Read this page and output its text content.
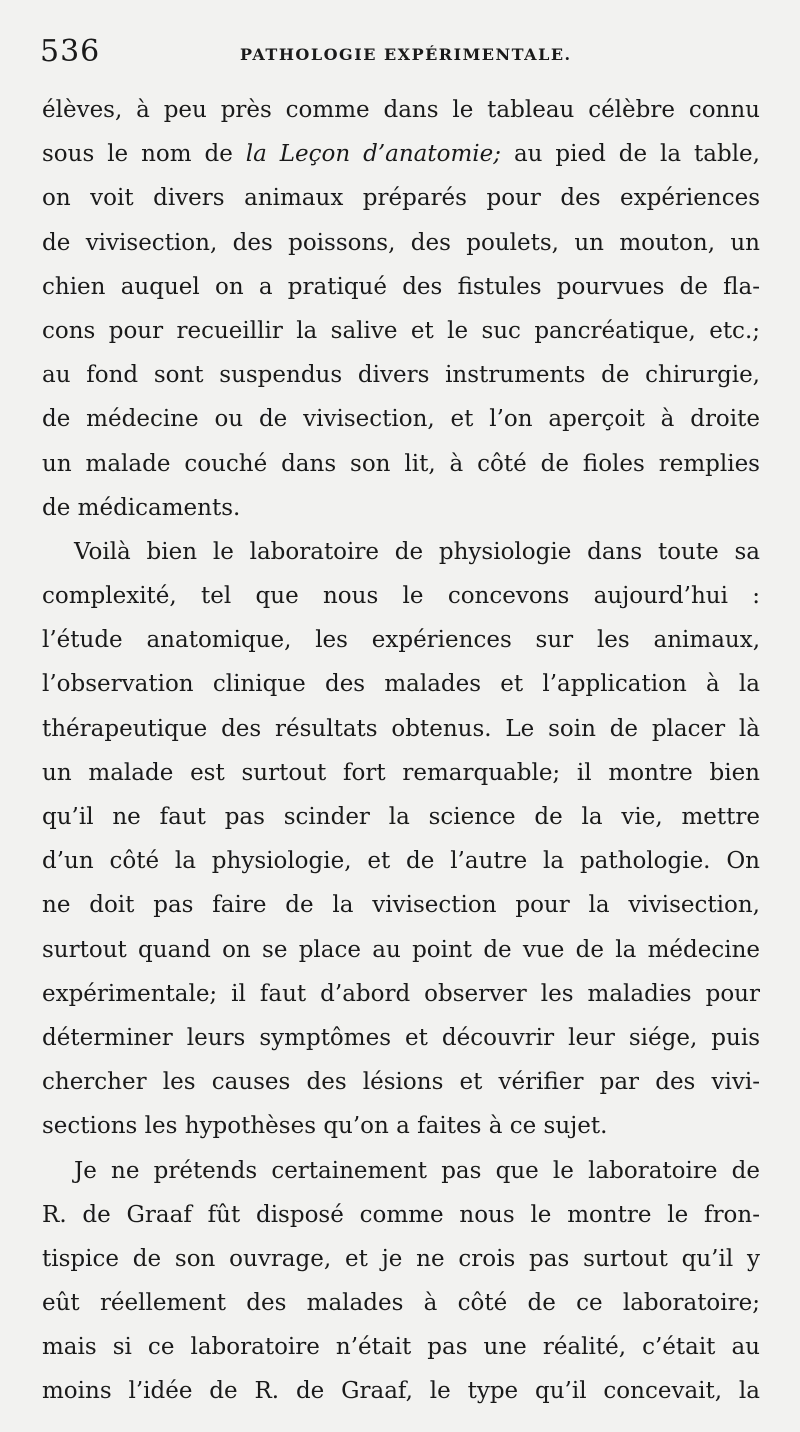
536	PATHOLOGIE EXPÉRIMENTALE.
élèves, à peu près comme dans le tableau célèbre connu
sous le nom de la Leçon d’anatomie; au pied de la table,
on voit divers animaux préparés pour des expériences
de vivisection, des poissons, des poulets, un mouton, un
chien auquel on a pratiqué des fistules pourvues de fla-
cons pour recueillir la salive et le suc pancréatique, etc.;
au fond sont suspendus divers instruments de chirurgie,
de médecine ou de vivisection, et l’on aperçoit à droite
un malade couché dans son lit, à côté de fioles remplies
de médicaments.
Voilà bien le laboratoire de physiologie dans toute sa
complexité, tel que nous le concevons aujourd’hui :
l’étude anatomique, les expériences sur les animaux,
l’observation clinique des malades et l’application à la
thérapeutique des résultats obtenus. Le soin de placer là
un malade est surtout fort remarquable; il montre bien
qu’il ne faut pas scinder la science de la vie, mettre
d’un côté la physiologie, et de l’autre la pathologie. On
ne doit pas faire de la vivisection pour la vivisection,
surtout quand on se place au point de vue de la médecine
expérimentale; il faut d’abord observer les maladies pour
déterminer leurs symptômes et découvrir leur siége, puis
chercher les causes des lésions et vérifier par des vivi-
sections les hypothèses qu’on a faites à ce sujet.
Je ne prétends certainement pas que le laboratoire de
R. de Graaf fût disposé comme nous le montre le fron-
tispice de son ouvrage, et je ne crois pas surtout qu’il y
eût réellement des malades à côté de ce laboratoire;
mais si ce laboratoire n’était pas une réalité, c’était au
moins l’idée de R. de Graaf, le type qu’il concevait, la
